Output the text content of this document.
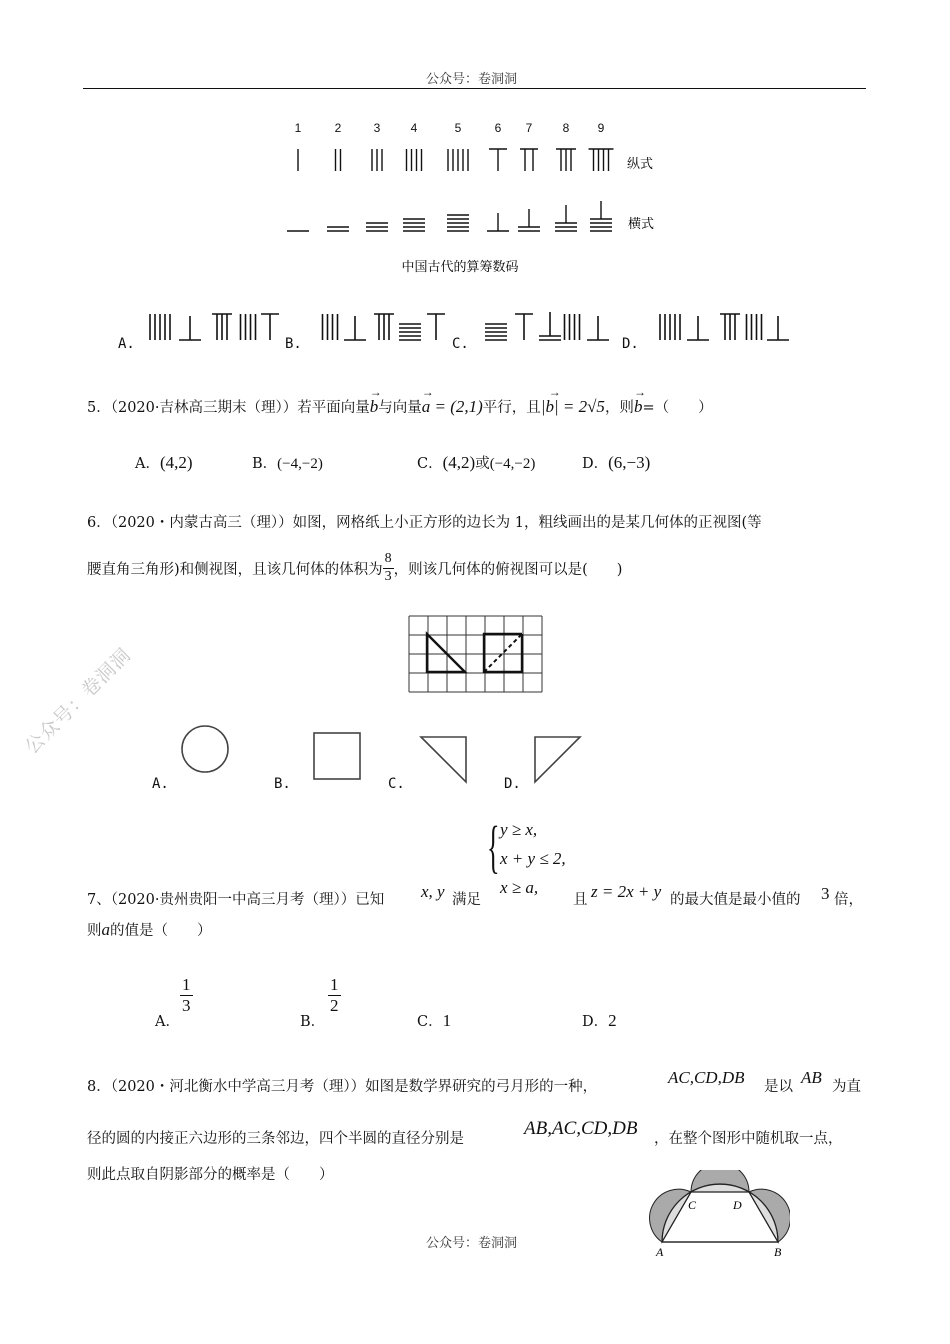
公众号：卷洞洞
公众号：卷洞洞
1	2	3	4	5	6 7	8 9
纵式
横式
中国古代的算筹数码
A.	B.	C.	D.
5．（2020·吉林高三期末（理））若平面向量
→
b与向量
→
a = (2,1)平行，且
→
|b| = 2√5，则
→
b=（　　）
A．(4,2)	B．(−4,−2)	C．(4,2)或(−4,−2)	D．(6,−3)
6．（2020・内蒙古高三（理））如图，网格纸上小正方形的边长为 1，粗线画出的是某几何体的正视图(等
腰直角三角形)和侧视图，且该几何体的体积为 $\frac{8}{3}$ ，则该几何体的俯视图可以是(　　)
A.	B.	C.	D.
7、（2020·贵州贵阳一中高三月考（理））已知 x, y 满足
{ y ≥ x,
x + y ≤ 2,
x ≥ a,
且 z = 2x + y 的最大值是最小值的 3 倍，
则a的值是（　　）
A．
$\frac{1}{3}$
B．
$\frac{1}{2}$
C．1	D．2
8．（2020・河北衡水中学高三月考（理））如图是数学界研究的弓月形的一种，	AC,CD,DB 是以 AB 为直
径的圆的内接正六边形的三条邻边，四个半圆的直径分别是	AB,AC,CD,DB ，在整个图形中随机取一点，
则此点取自阴影部分的概率是（　　）
A	B
C	D
公众号：卷洞洞
